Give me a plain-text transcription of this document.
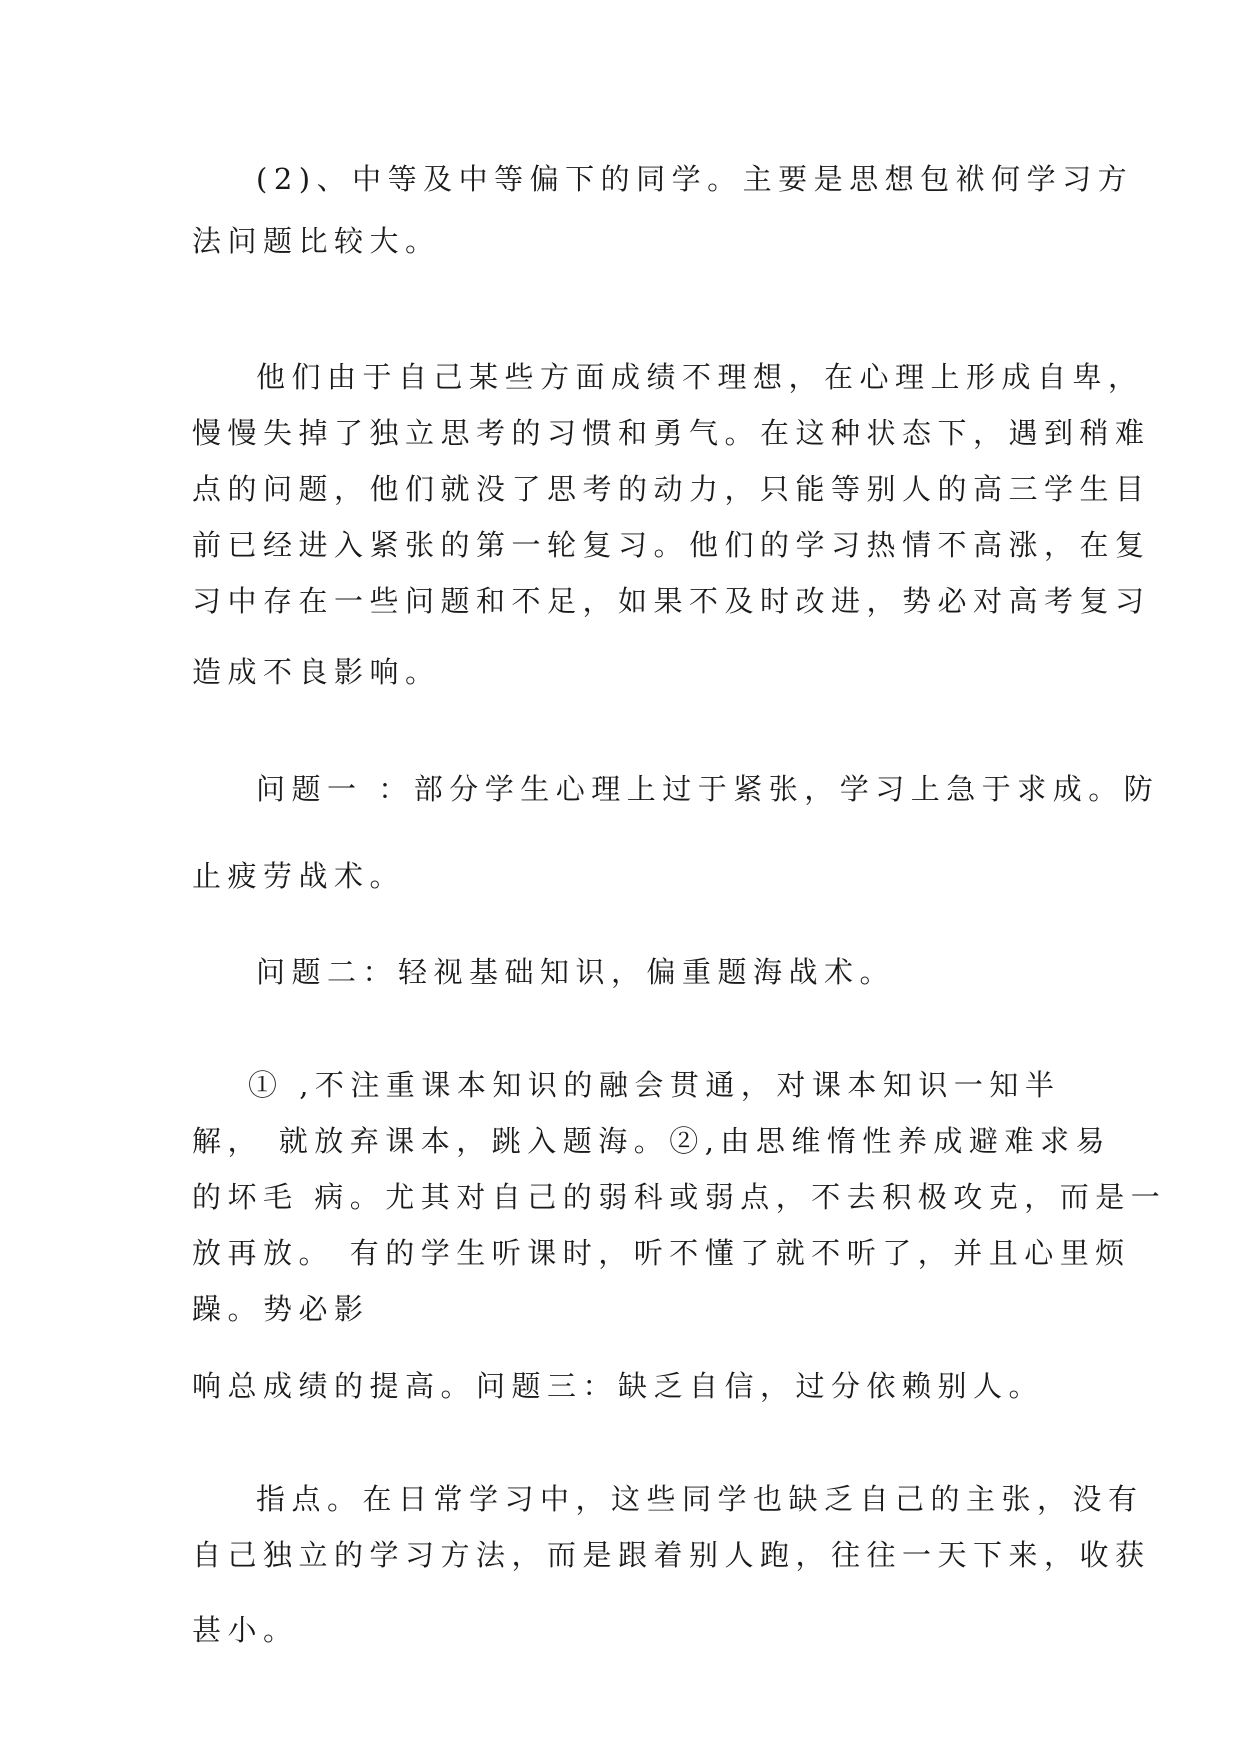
(2)、中等及中等偏下的同学。主要是思想包袱何学习方
法问题比较大。
他们由于自己某些方面成绩不理想，在心理上形成自卑，
慢慢失掉了独立思考的习惯和勇气。在这种状态下，遇到稍难
点的问题，他们就没了思考的动力，只能等别人的高三学生目
前已经进入紧张的第一轮复习。他们的学习热情不高涨，在复
习中存在一些问题和不足，如果不及时改进，势必对高考复习
造成不良影响。
问题一 ：部分学生心理上过于紧张，学习上急于求成。防
止疲劳战术。
问题二：轻视基础知识，偏重题海战术。
① ,不注重课本知识的融会贯通，对课本知识一知半
解， 就放弃课本，跳入题海。②,由思维惰性养成避难求易
的坏毛 病。尤其对自己的弱科或弱点，不去积极攻克，而是一
放再放。 有的学生听课时，听不懂了就不听了，并且心里烦
躁。势必影
响总成绩的提高。问题三：缺乏自信，过分依赖别人。
指点。在日常学习中，这些同学也缺乏自己的主张，没有
自己独立的学习方法，而是跟着别人跑，往往一天下来，收获
甚小。
